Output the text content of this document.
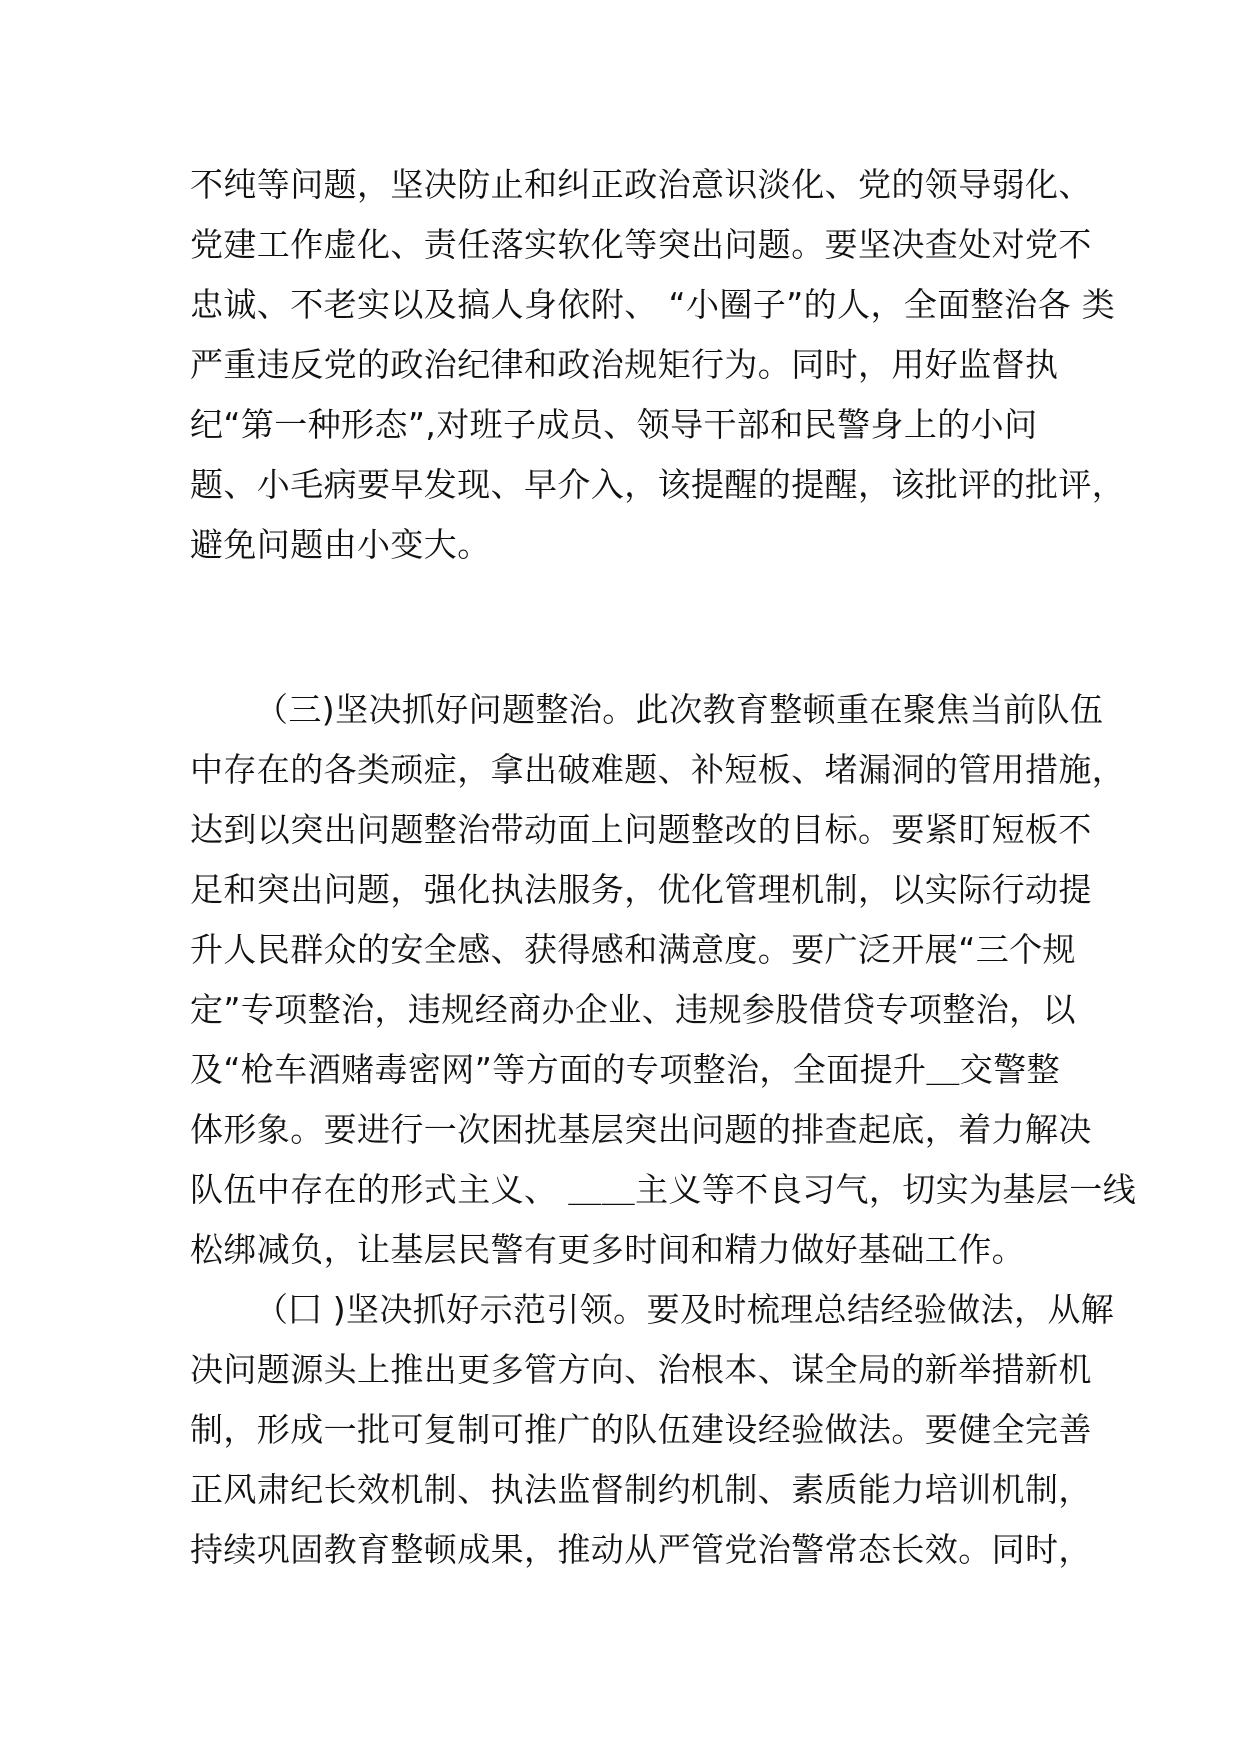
不纯等问题，坚决防止和纠正政治意识淡化、党的领导弱化、
党建工作虚化、责任落实软化等突出问题。要坚决查处对党不
忠诚、不老实以及搞人身依附、 “小圈子”的人，全面整治各 类
严重违反党的政治纪律和政治规矩行为。同时，用好监督执
纪“第一种形态”,对班子成员、领导干部和民警身上的小问
题、小毛病要早发现、早介入，该提醒的提醒，该批评的批评，
避免问题由小变大。
（三)坚决抓好问题整治。此次教育整顿重在聚焦当前队伍
中存在的各类顽症，拿出破难题、补短板、堵漏洞的管用措施，
达到以突出问题整治带动面上问题整改的目标。要紧盯短板不
足和突出问题，强化执法服务，优化管理机制，以实际行动提
升人民群众的安全感、获得感和满意度。要广泛开展“三个规
定”专项整治，违规经商办企业、违规参股借贷专项整治，以
及“枪车酒赌毒密网”等方面的专项整治，全面提升＿交警整
体形象。要进行一次困扰基层突出问题的排查起底，着力解决
队伍中存在的形式主义、 ＿＿主义等不良习气，切实为基层一线
松绑减负，让基层民警有更多时间和精力做好基础工作。
（囗 )坚决抓好示范引领。要及时梳理总结经验做法，从解
决问题源头上推出更多管方向、治根本、谋全局的新举措新机
制，形成一批可复制可推广的队伍建设经验做法。要健全完善
正风肃纪长效机制、执法监督制约机制、素质能力培训机制，
持续巩固教育整顿成果，推动从严管党治警常态长效。同时，
